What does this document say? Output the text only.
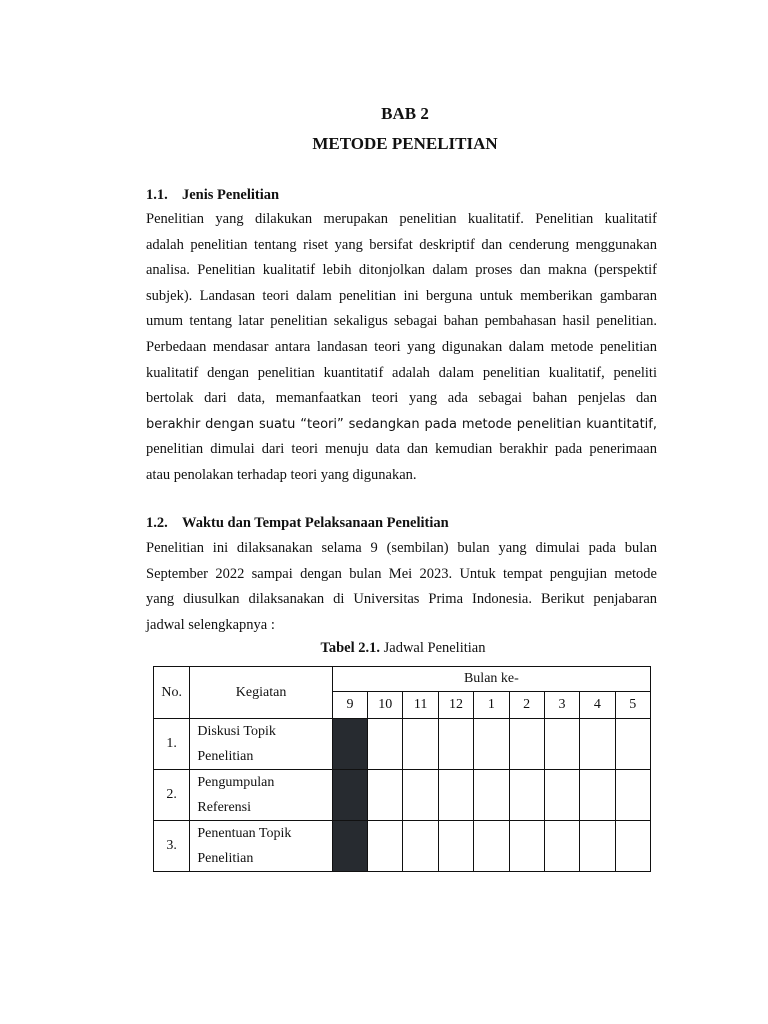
BAB 2
METODE PENELITIAN
1.1. Jenis Penelitian
Penelitian yang dilakukan merupakan penelitian kualitatif. Penelitian kualitatif
adalah penelitian tentang riset yang bersifat deskriptif dan cenderung menggunakan
analisa. Penelitian kualitatif lebih ditonjolkan dalam proses dan makna (perspektif
subjek). Landasan teori dalam penelitian ini berguna untuk memberikan gambaran
umum tentang latar penelitian sekaligus sebagai bahan pembahasan hasil penelitian.
Perbedaan mendasar antara landasan teori yang digunakan dalam metode penelitian
kualitatif dengan penelitian kuantitatif adalah dalam penelitian kualitatif, peneliti
bertolak dari data, memanfaatkan teori yang ada sebagai bahan penjelas dan
berakhir dengan suatu “teori” sedangkan pada metode penelitian kuantitatif,
penelitian dimulai dari teori menuju data dan kemudian berakhir pada penerimaan
atau penolakan terhadap teori yang digunakan.
1.2. Waktu dan Tempat Pelaksanaan Penelitian
Penelitian ini dilaksanakan selama 9 (sembilan) bulan yang dimulai pada bulan
September 2022 sampai dengan bulan Mei 2023. Untuk tempat pengujian metode
yang diusulkan dilaksanakan di Universitas Prima Indonesia. Berikut penjabaran
jadwal selengkapnya :

Tabel 2.1. Jadwal Penelitian

No.	Kegiatan	Bulan ke-								
		9	10	11	12	1	2	3	4	5
1.	Diskusi Topik
Penelitian									

2.	Pengumpulan
Referensi									

3.	Penentuan Topik
Penelitian									
